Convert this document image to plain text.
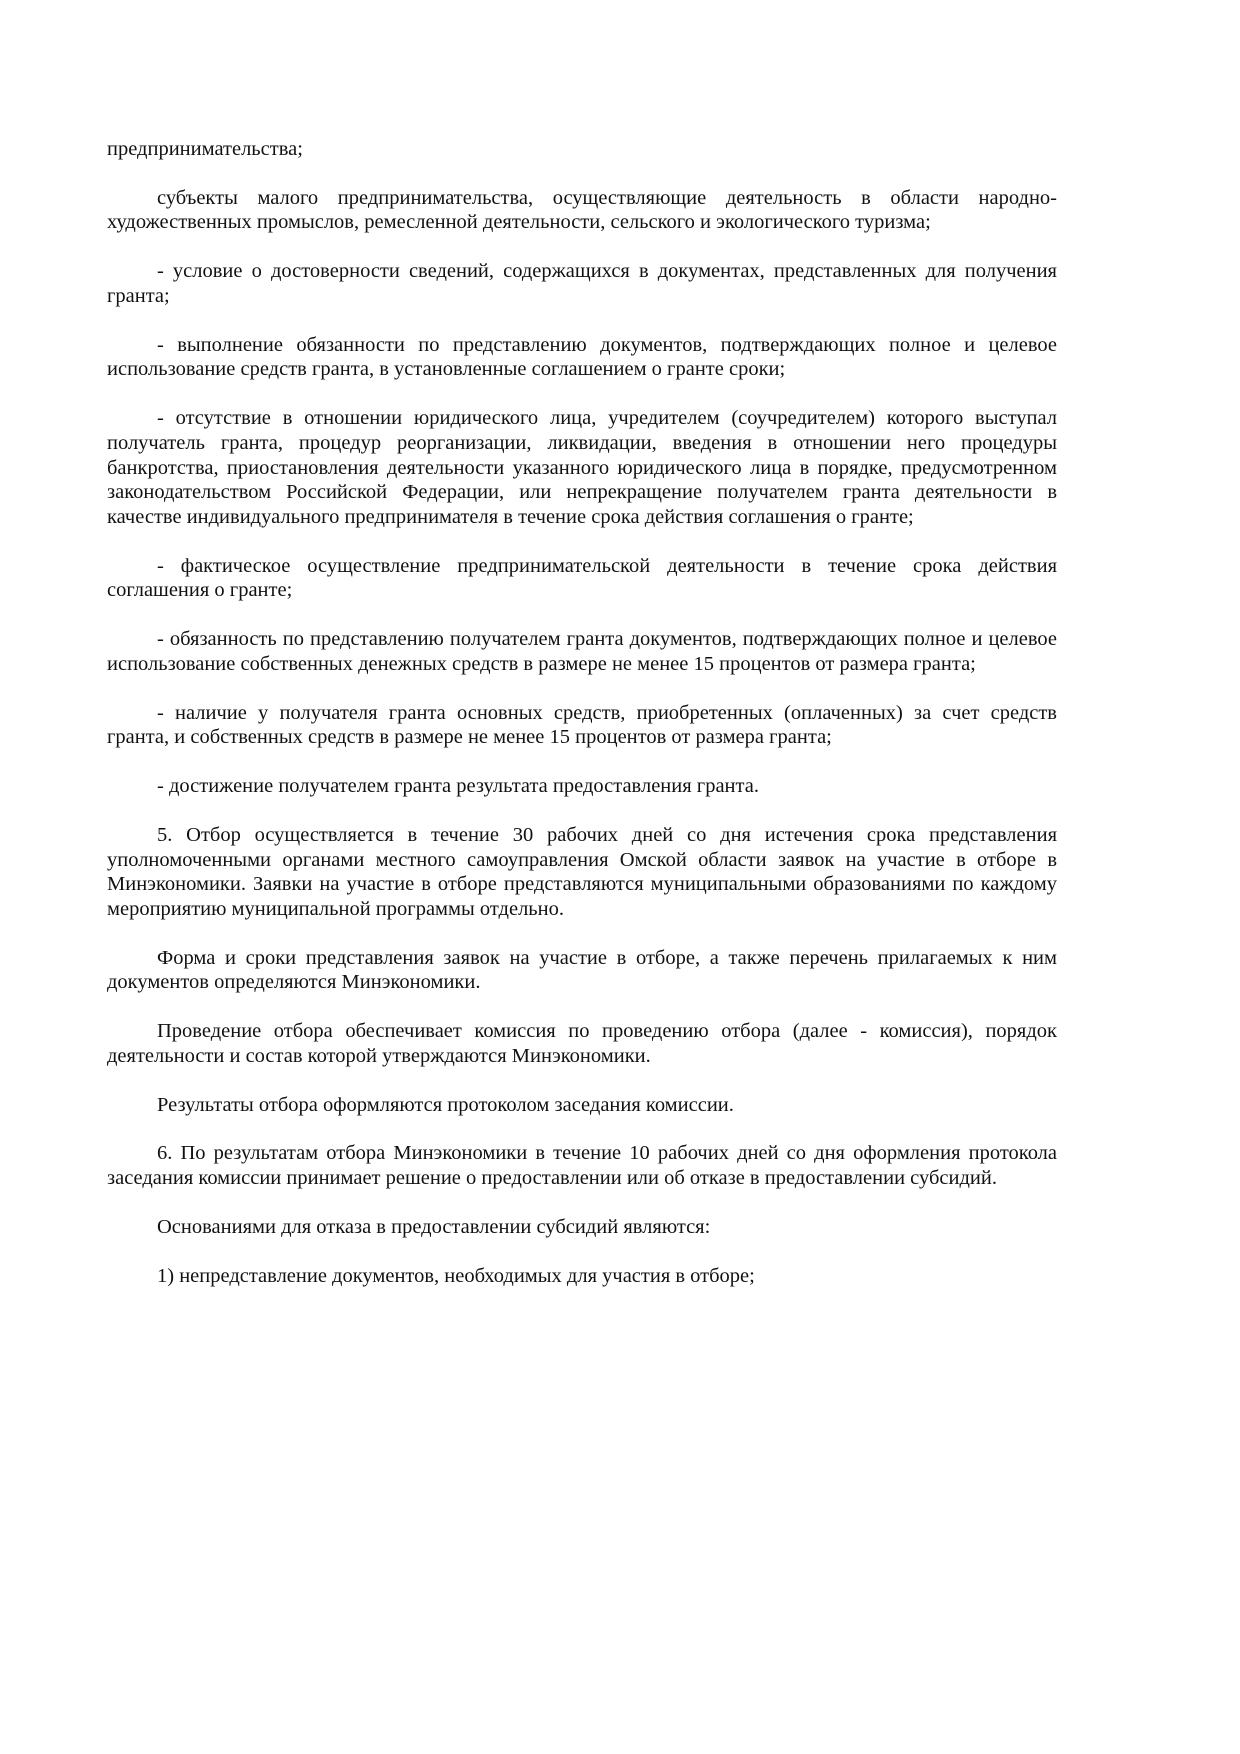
предпринимательства;

субъекты малого предпринимательства, осуществляющие деятельность в области народно-художественных промыслов, ремесленной деятельности, сельского и экологического туризма;

- условие о достоверности сведений, содержащихся в документах, представленных для получения гранта;

- выполнение обязанности по представлению документов, подтверждающих полное и целевое использование средств гранта, в установленные соглашением о гранте сроки;

- отсутствие в отношении юридического лица, учредителем (соучредителем) которого выступал получатель гранта, процедур реорганизации, ликвидации, введения в отношении него процедуры банкротства, приостановления деятельности указанного юридического лица в порядке, предусмотренном законодательством Российской Федерации, или непрекращение получателем гранта деятельности в качестве индивидуального предпринимателя в течение срока действия соглашения о гранте;

- фактическое осуществление предпринимательской деятельности в течение срока действия соглашения о гранте;

- обязанность по представлению получателем гранта документов, подтверждающих полное и целевое использование собственных денежных средств в размере не менее 15 процентов от размера гранта;

- наличие у получателя гранта основных средств, приобретенных (оплаченных) за счет средств гранта, и собственных средств в размере не менее 15 процентов от размера гранта;

- достижение получателем гранта результата предоставления гранта.

5. Отбор осуществляется в течение 30 рабочих дней со дня истечения срока представления уполномоченными органами местного самоуправления Омской области заявок на участие в отборе в Минэкономики. Заявки на участие в отборе представляются муниципальными образованиями по каждому мероприятию муниципальной программы отдельно.

Форма и сроки представления заявок на участие в отборе, а также перечень прилагаемых к ним документов определяются Минэкономики.

Проведение отбора обеспечивает комиссия по проведению отбора (далее - комиссия), порядок деятельности и состав которой утверждаются Минэкономики.

Результаты отбора оформляются протоколом заседания комиссии.

6. По результатам отбора Минэкономики в течение 10 рабочих дней со дня оформления протокола заседания комиссии принимает решение о предоставлении или об отказе в предоставлении субсидий.

Основаниями для отказа в предоставлении субсидий являются:

1) непредставление документов, необходимых для участия в отборе;
